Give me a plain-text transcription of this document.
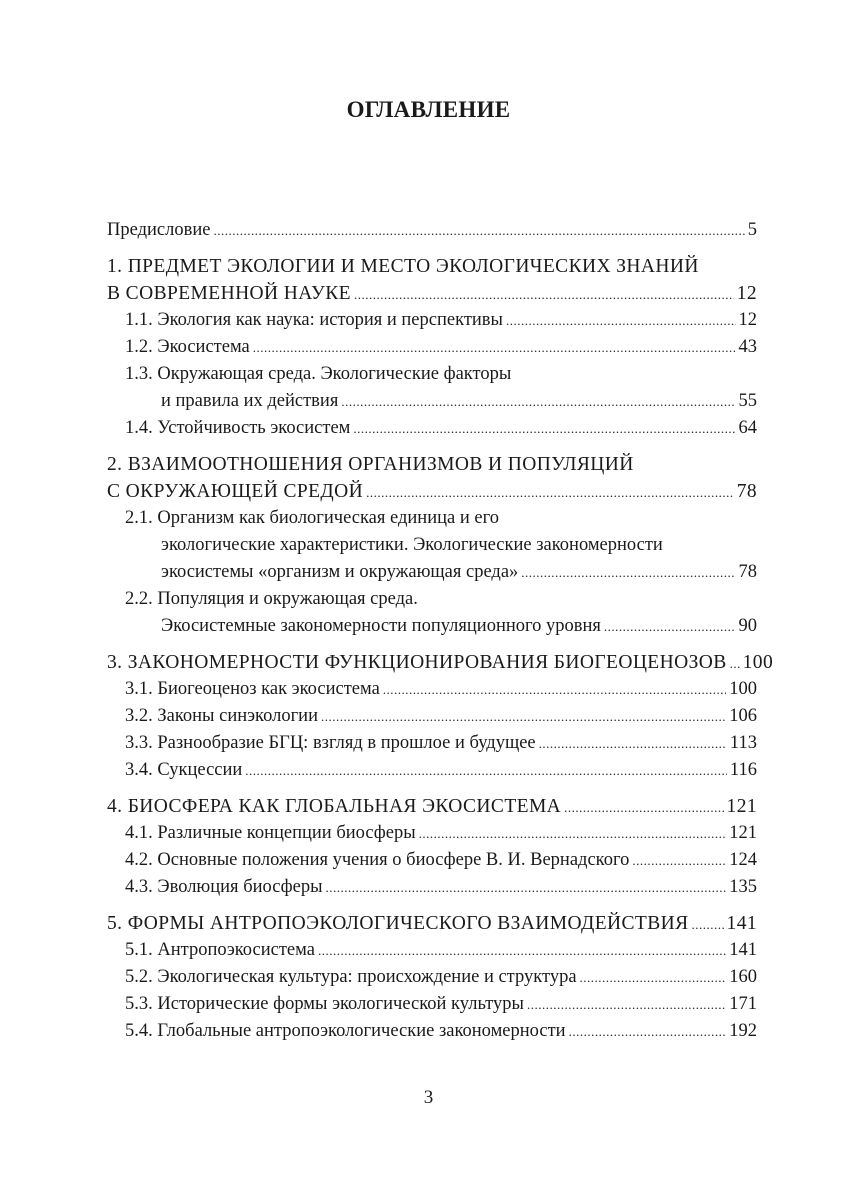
ОГЛАВЛЕНИЕ
Предисловие .....	5
1. ПРЕДМЕТ ЭКОЛОГИИ И МЕСТО ЭКОЛОГИЧЕСКИХ ЗНАНИЙ
В СОВРЕМЕННОЙ НАУКЕ .....	12
1.1. Экология как наука: история и перспективы .....	12
1.2. Экосистема .....	43
1.3. Окружающая среда. Экологические факторы
и правила их действия .....	55
1.4. Устойчивость экосистем .....	64
2. ВЗАИМООТНОШЕНИЯ ОРГАНИЗМОВ И ПОПУЛЯЦИЙ
С ОКРУЖАЮЩЕЙ СРЕДОЙ .....	78
2.1. Организм как биологическая единица и его
экологические характеристики. Экологические закономерности
экосистемы «организм и окружающая среда» .....	78
2.2. Популяция и окружающая среда.
Экосистемные закономерности популяционного уровня .....	90
3. ЗАКОНОМЕРНОСТИ ФУНКЦИОНИРОВАНИЯ БИОГЕОЦЕНОЗОВ ..... 100
3.1. Биогеоценоз как экосистема .....	100
3.2. Законы синэкологии .....	106
3.3. Разнообразие БГЦ: взгляд в прошлое и будущее .....	113
3.4. Сукцессии .....	116
4. БИОСФЕРА КАК ГЛОБАЛЬНАЯ ЭКОСИСТЕМА .....	121
4.1. Различные концепции биосферы .....	121
4.2. Основные положения учения о биосфере В. И. Вернадского .....	124
4.3. Эволюция биосферы .....	135
5. ФОРМЫ АНТРОПОЭКОЛОГИЧЕСКОГО ВЗАИМОДЕЙСТВИЯ ..... 141
5.1. Антропоэкосистема .....	141
5.2. Экологическая культура: происхождение и структура .....	160
5.3. Исторические формы экологической культуры .....	171
5.4. Глобальные антропоэкологические закономерности .....	192
3
